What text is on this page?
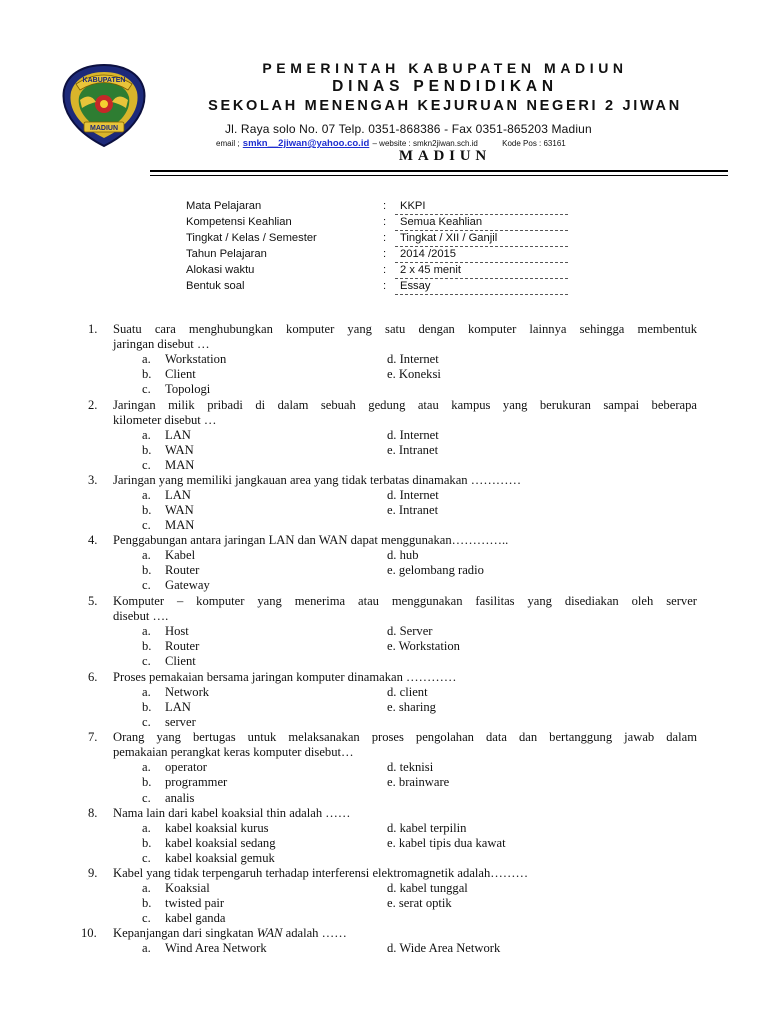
MADIUN
KABUPATEN
PEMERINTAH KABUPATEN MADIUN
DINAS PENDIDIKAN
SEKOLAH MENENGAH KEJURUAN NEGERI 2 JIWAN
Jl. Raya solo No. 07 Telp. 0351-868386 - Fax 0351-865203 Madiun
email ; smkn__2jiwan@yahoo.co.id – website : smkn2jiwan.sch.id	Kode Pos : 63161
MADIUN
Mata Pelajaran	:	KKPI
Kompetensi Keahlian	:	Semua Keahlian
Tingkat / Kelas / Semester	:	Tingkat / XII / Ganjil
Tahun Pelajaran	:	2014 /2015
Alokasi waktu	:	2 x 45 menit
Bentuk soal	:	Essay
1. Suatu cara menghubungkan komputer yang satu dengan komputer lainnya sehingga membentuk
jaringan disebut …
a. Workstation	d. Internet
b. Client	e. Koneksi
c. Topologi
2. Jaringan milik pribadi di dalam sebuah gedung atau kampus yang berukuran sampai beberapa
kilometer disebut …
a. LAN	d. Internet
b. WAN	e. Intranet
c. MAN
3. Jaringan yang memiliki jangkauan area yang tidak terbatas dinamakan …………
a. LAN	d. Internet
b. WAN	e. Intranet
c. MAN
4. Penggabungan antara jaringan LAN dan WAN dapat menggunakan…………..
a. Kabel	d. hub
b. Router	e. gelombang radio
c. Gateway
5. Komputer – komputer yang menerima atau menggunakan fasilitas yang disediakan oleh server
disebut ….
a. Host	d. Server
b. Router	e. Workstation
c. Client
6. Proses pemakaian bersama jaringan komputer dinamakan …………
a. Network	d. client
b. LAN	e. sharing
c. server
7. Orang yang bertugas untuk melaksanakan proses pengolahan data dan bertanggung jawab dalam
pemakaian perangkat keras komputer disebut…
a. operator	d. teknisi
b. programmer	e. brainware
c. analis
8. Nama lain dari kabel koaksial thin adalah ……
a. kabel koaksial kurus	d. kabel terpilin
b. kabel koaksial sedang	e. kabel tipis dua kawat
c. kabel koaksial gemuk
9. Kabel yang tidak terpengaruh terhadap interferensi elektromagnetik adalah………
a. Koaksial	d. kabel tunggal
b. twisted pair	e. serat optik
c. kabel ganda
10. Kepanjangan dari singkatan WAN adalah ……
a. Wind Area Network	d. Wide Area Network
